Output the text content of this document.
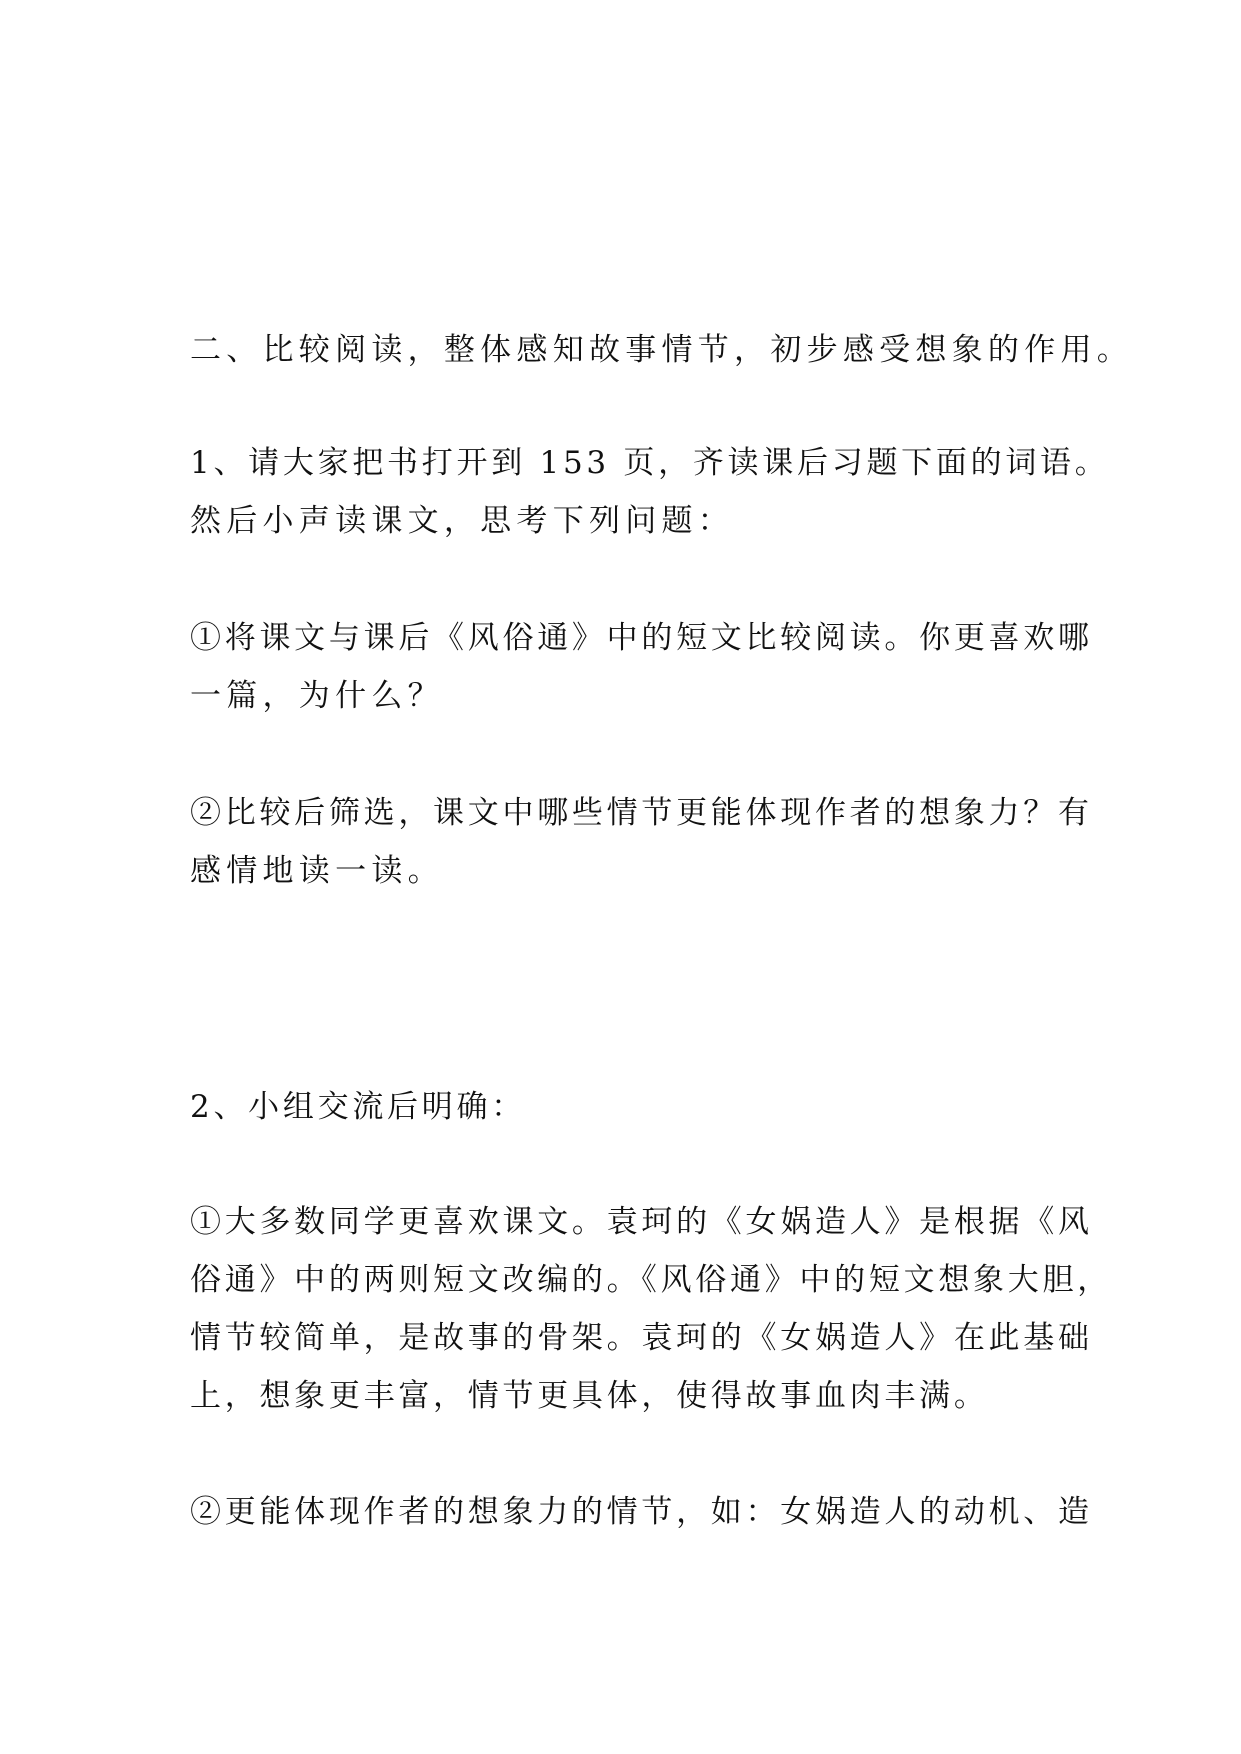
二、比较阅读，整体感知故事情节，初步感受想象的作用。
1、请大家把书打开到 153 页，齐读课后习题下面的词语。
然后小声读课文，思考下列问题：
①将课文与课后《风俗通》中的短文比较阅读。你更喜欢哪
一篇，为什么？
②比较后筛选，课文中哪些情节更能体现作者的想象力？有
感情地读一读。
2、小组交流后明确：
①大多数同学更喜欢课文。袁珂的《女娲造人》是根据《风
俗通》中的两则短文改编的。《风俗通》中的短文想象大胆，
情节较简单，是故事的骨架。袁珂的《女娲造人》在此基础
上，想象更丰富，情节更具体，使得故事血肉丰满。
②更能体现作者的想象力的情节，如：女娲造人的动机、造
